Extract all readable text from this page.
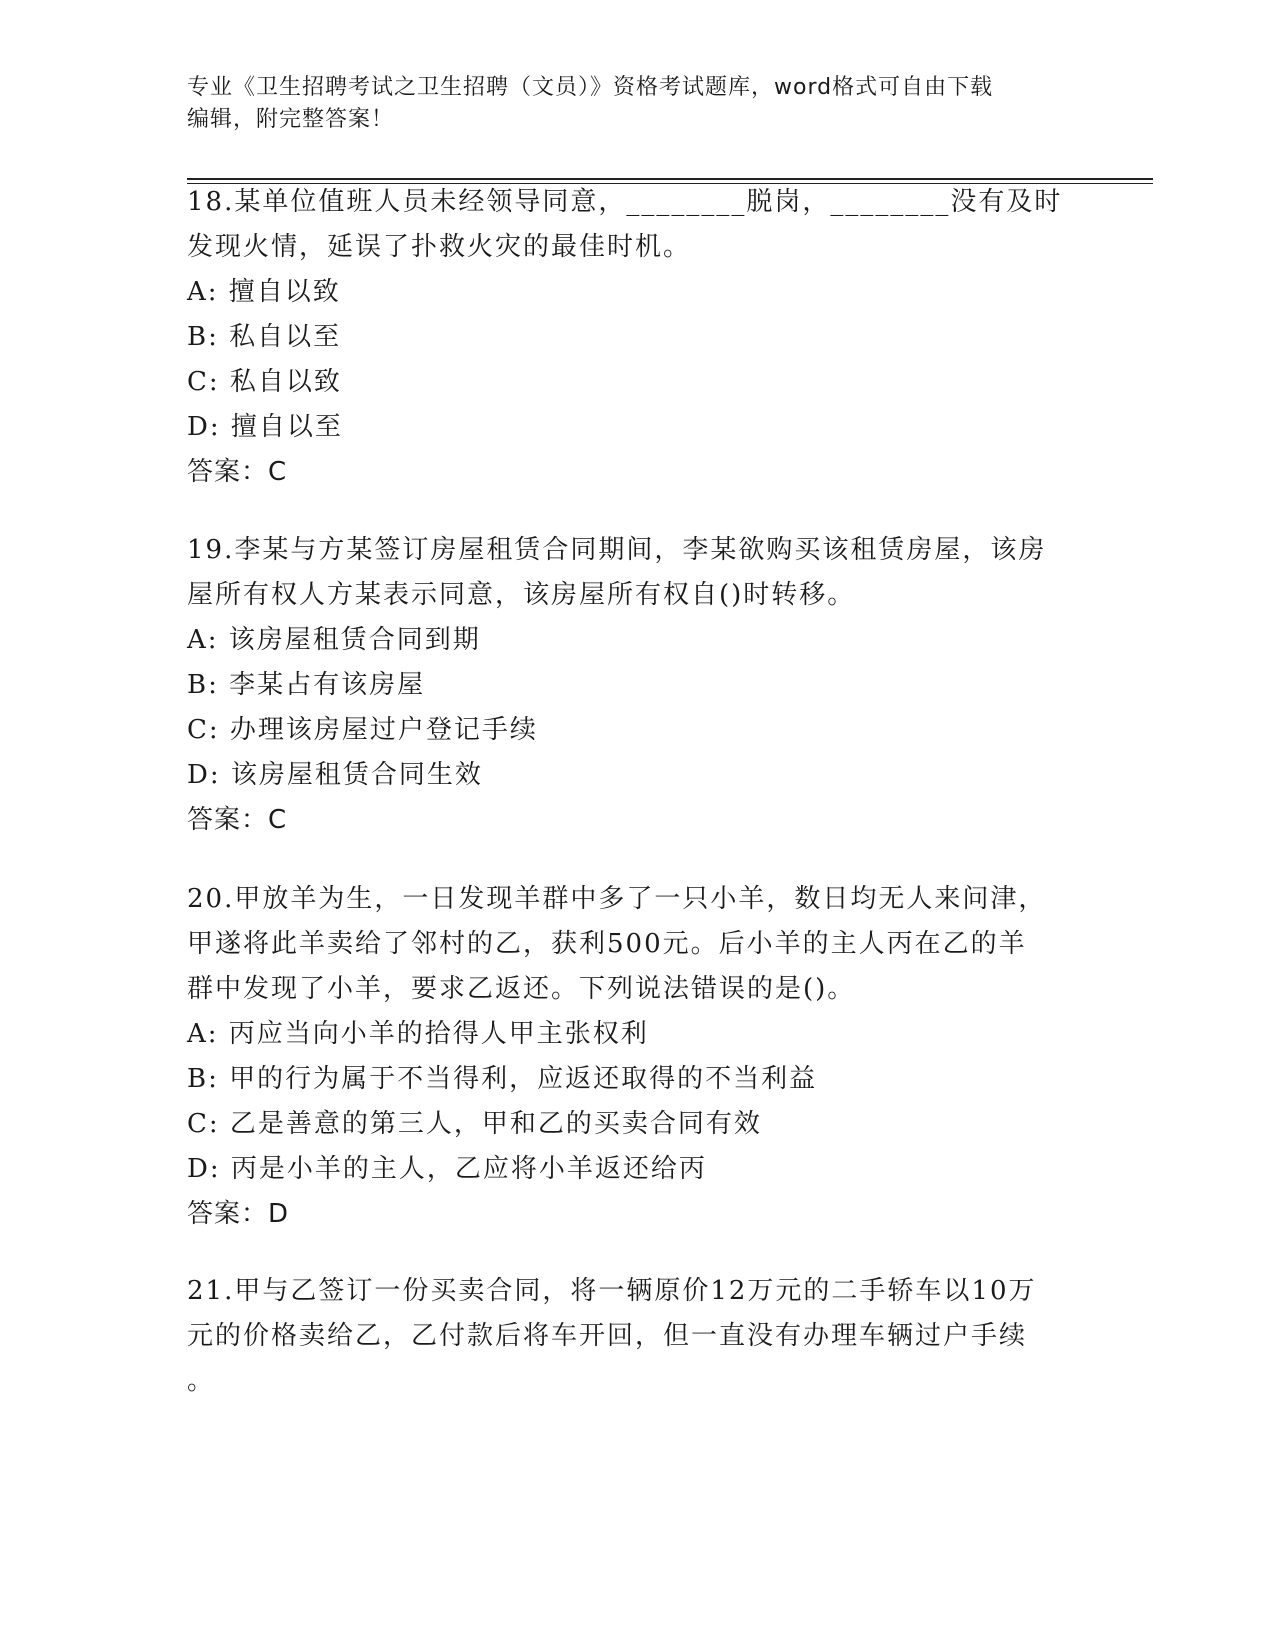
专业《卫生招聘考试之卫生招聘（文员）》资格考试题库，word格式可自由下载
编辑，附完整答案！

18.某单位值班人员未经领导同意，________脱岗，________没有及时

发现火情，延误了扑救火灾的最佳时机。

A: 擅自以致

B: 私自以至

C: 私自以致

D: 擅自以至

答案：C

19.李某与方某签订房屋租赁合同期间，李某欲购买该租赁房屋，该房

屋所有权人方某表示同意，该房屋所有权自()时转移。

A: 该房屋租赁合同到期

B: 李某占有该房屋

C: 办理该房屋过户登记手续

D: 该房屋租赁合同生效

答案：C

20.甲放羊为生，一日发现羊群中多了一只小羊，数日均无人来问津，

甲遂将此羊卖给了邻村的乙，获利500元。后小羊的主人丙在乙的羊

群中发现了小羊，要求乙返还。下列说法错误的是()。

A: 丙应当向小羊的拾得人甲主张权利

B: 甲的行为属于不当得利，应返还取得的不当利益

C: 乙是善意的第三人，甲和乙的买卖合同有效

D: 丙是小羊的主人，乙应将小羊返还给丙

答案：D

21.甲与乙签订一份买卖合同，将一辆原价12万元的二手轿车以10万

元的价格卖给乙，乙付款后将车开回，但一直没有办理车辆过户手续

。
